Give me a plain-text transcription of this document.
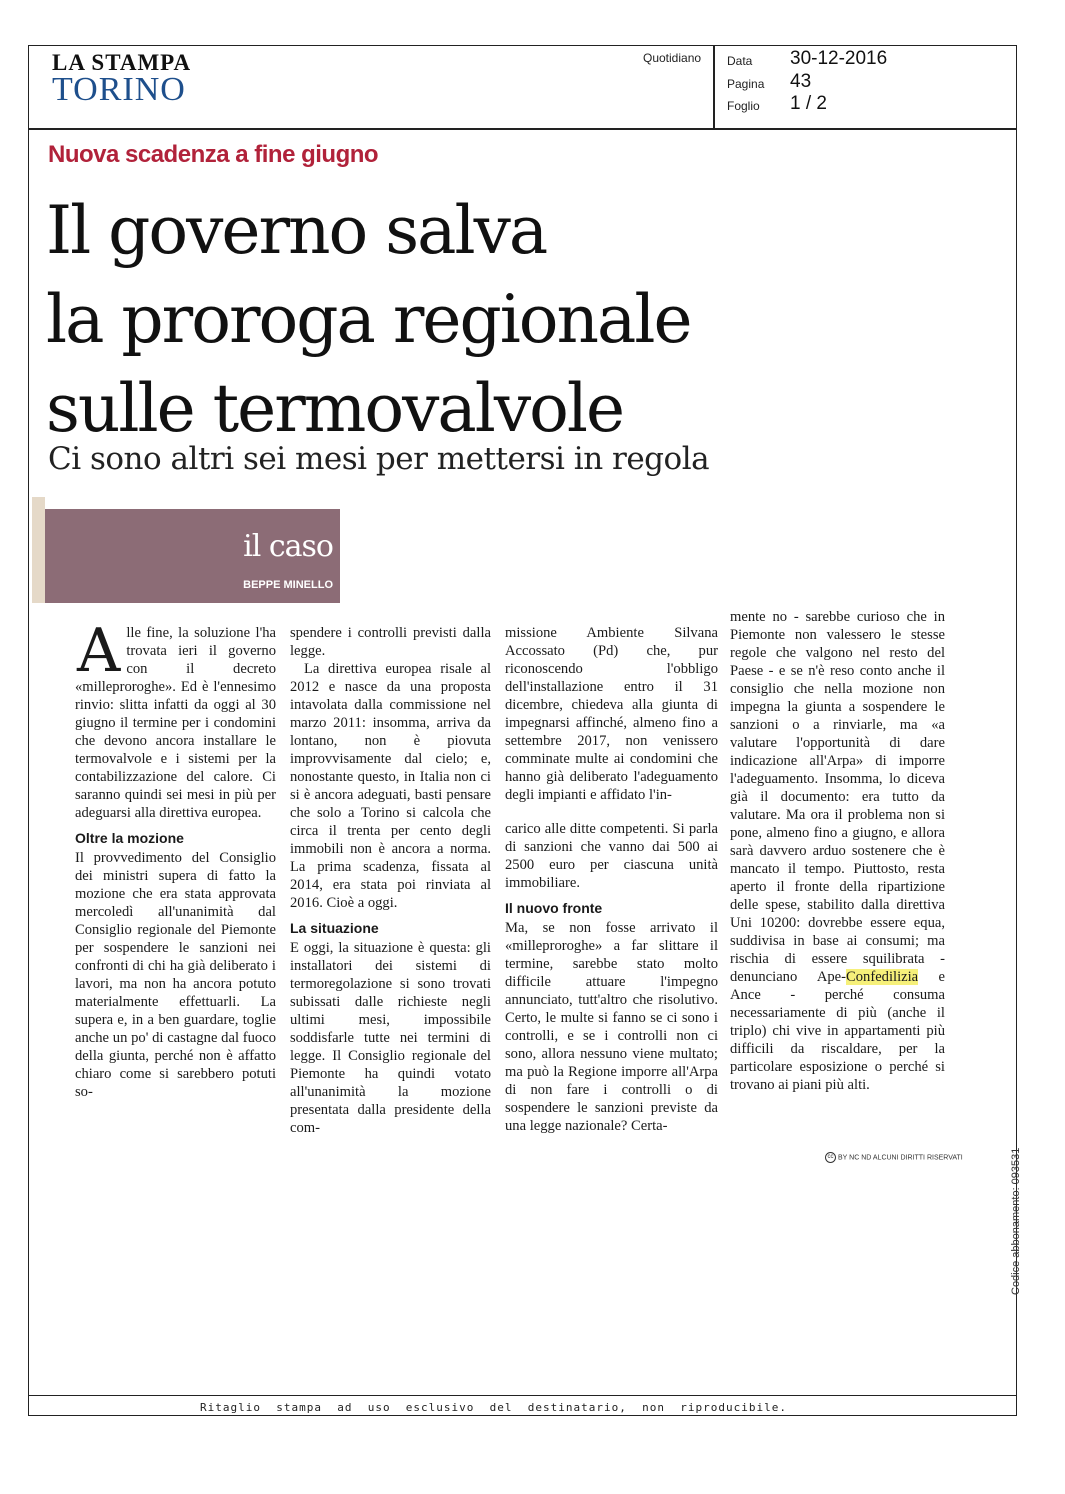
LA STAMPA
TORINO
Quotidiano Data 30-12-2016
Pagina 43
Foglio 1 / 2
Nuova scadenza a fine giugno
Il governo salva
la proroga regionale
sulle termovalvole
Ci sono altri sei mesi per mettersi in regola
il caso
BEPPE MINELLO

Alle fine, la soluzione l'ha trovata ieri il governo con il decreto «milleproroghe». Ed è l'ennesimo rinvio: slitta infatti da oggi al 30 giugno il termine per i condomini che devono ancora installare le termovalvole e i sistemi per la contabilizzazione del calore. Ci saranno quindi sei mesi in più per adeguarsi alla direttiva europea.

Oltre la mozione

Il provvedimento del Consiglio dei ministri supera di fatto la mozione che era stata approvata mercoledì all'unanimità dal Consiglio regionale del Piemonte per sospendere le sanzioni nei confronti di chi ha già deliberato i lavori, ma non ha ancora potuto materialmente effettuarli. La supera e, in a ben guardare, toglie anche un po' di castagne dal fuoco della giunta, perché non è affatto chiaro come si sarebbero potuti so-

spendere i controlli previsti dalla legge.

La direttiva europea risale al 2012 e nasce da una proposta intavolata dalla commissione nel marzo 2011: insomma, arriva da lontano, non è piovuta improvvisamente dal cielo; e, nonostante questo, in Italia non ci si è ancora adeguati, basti pensare che solo a Torino si calcola che circa il trenta per cento degli immobili non è ancora a norma. La prima scadenza, fissata al 2014, era stata poi rinviata al 2016. Cioè a oggi.

La situazione

E oggi, la situazione è questa: gli installatori dei sistemi di termoregolazione si sono trovati subissati dalle richieste negli ultimi mesi, impossibile soddisfarle tutte nei termini di legge. Il Consiglio regionale del Piemonte ha quindi votato all'unanimità la mozione presentata dalla presidente della com-

missione Ambiente Silvana Accossato (Pd) che, pur riconoscendo l'obbligo dell'installazione entro il 31 dicembre, chiedeva alla giunta di impegnarsi affinché, almeno fino a settembre 2017, non venissero comminate multe ai condomini che hanno già deliberato l'adeguamento degli impianti e affidato l'in-

carico alle ditte competenti. Si parla di sanzioni che vanno dai 500 ai 2500 euro per ciascuna unità immobiliare.

Il nuovo fronte

Ma, se non fosse arrivato il «milleproroghe» a far slittare il termine, sarebbe stato molto difficile attuare l'impegno annunciato, tutt'altro che risolutivo. Certo, le multe si fanno se ci sono i controlli, e se i controlli non ci sono, allora nessuno viene multato; ma può la Regione imporre all'Arpa di non fare i controlli o di sospendere le sanzioni previste da una legge nazionale? Certa-

mente no - sarebbe curioso che in Piemonte non valessero le stesse regole che valgono nel resto del Paese - e se n'è reso conto anche il consiglio che nella mozione non impegna la giunta a sospendere le sanzioni o a rinviarle, ma «a valutare l'opportunità di dare indicazione all'Arpa» di imporre l'adeguamento. Insomma, lo diceva già il documento: era tutto da valutare. Ma ora il problema non si pone, almeno fino a giugno, e allora sarà davvero arduo sostenere che è mancato il tempo. Piuttosto, resta aperto il fronte della ripartizione delle spese, stabilito dalla direttiva Uni 10200: dovrebbe essere equa, suddivisa in base ai consumi; ma rischia di essere squilibrata - denunciano Ape-Confedilizia e Ance - perché consuma necessariamente di più (anche il triplo) chi vive in appartamenti più difficili da riscaldare, per la particolare esposizione o perché si trovano ai piani più alti.

cc BY NC ND ALCUNI DIRITTI RISERVATI
Ritaglio  stampa  ad  uso  esclusivo  del  destinatario,  non  riproducibile.
Codice abbonamento: 093531
